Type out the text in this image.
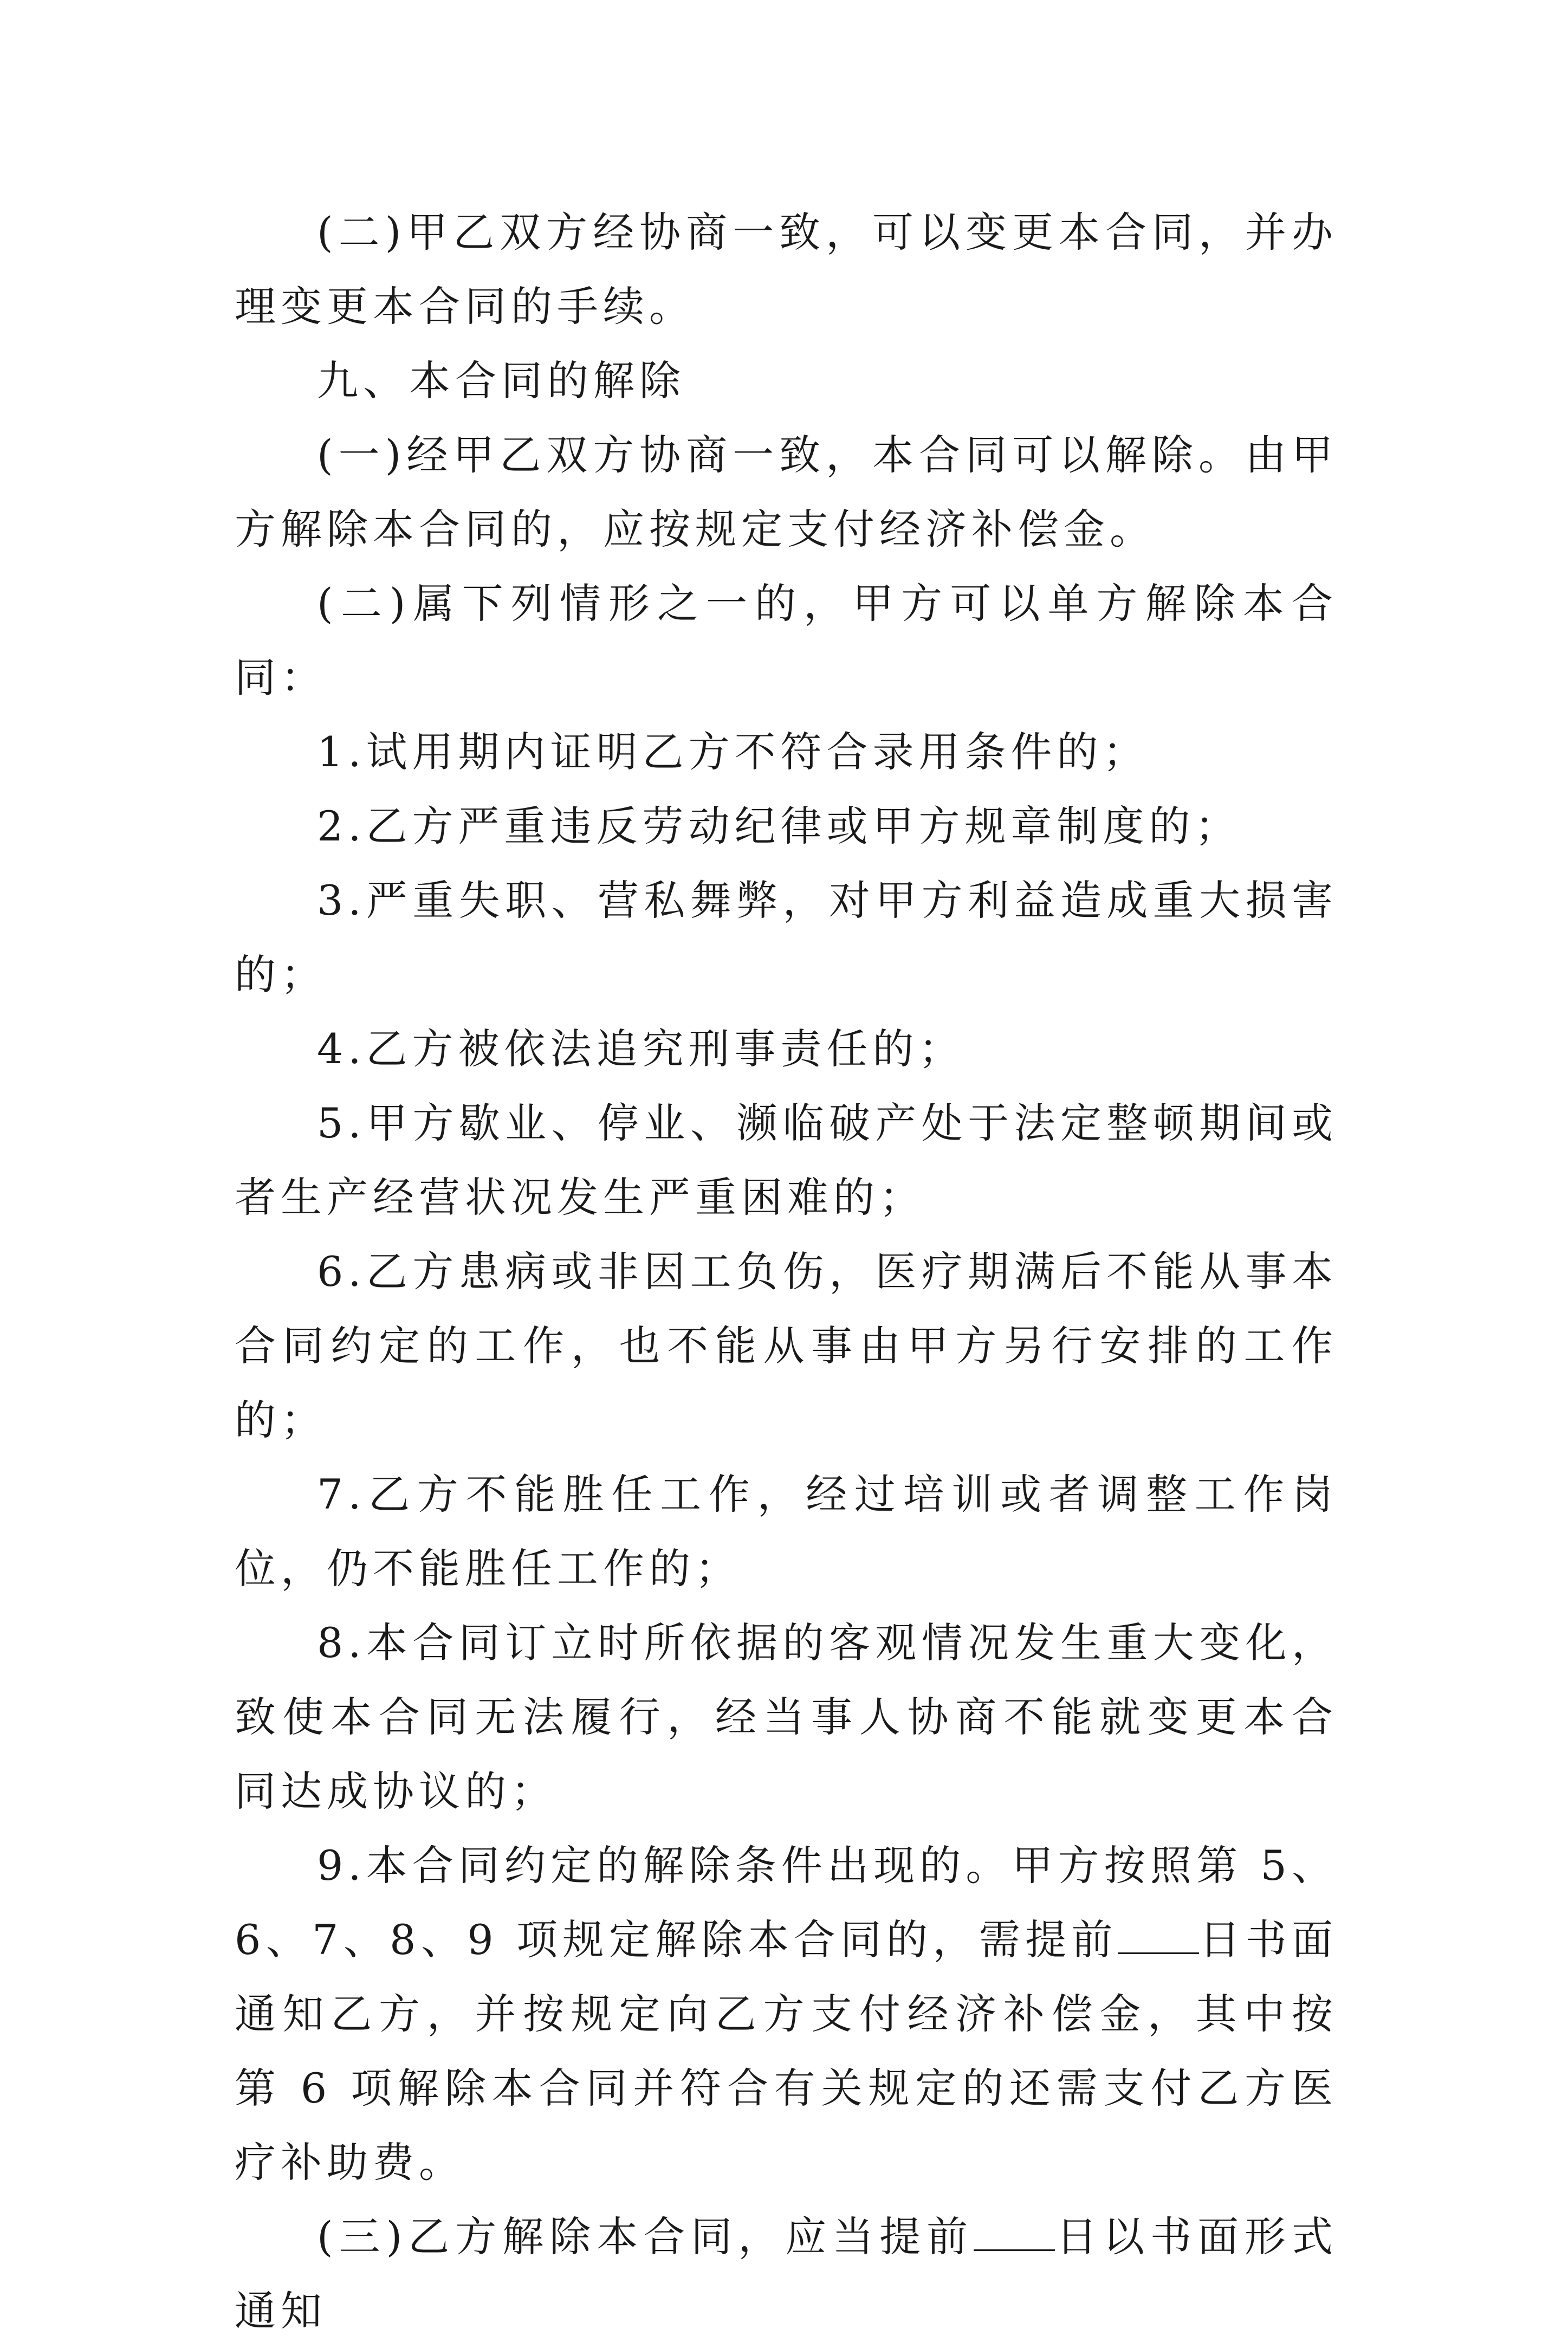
(二)甲乙双方经协商一致，可以变更本合同，并办理变更本合同的手续。

九、本合同的解除

(一)经甲乙双方协商一致，本合同可以解除。由甲方解除本合同的，应按规定支付经济补偿金。

(二)属下列情形之一的，甲方可以单方解除本合同：

1.试用期内证明乙方不符合录用条件的；

2.乙方严重违反劳动纪律或甲方规章制度的；

3.严重失职、营私舞弊，对甲方利益造成重大损害的；

4.乙方被依法追究刑事责任的；

5.甲方歇业、停业、濒临破产处于法定整顿期间或者生产经营状况发生严重困难的；

6.乙方患病或非因工负伤，医疗期满后不能从事本合同约定的工作，也不能从事由甲方另行安排的工作的；

7.乙方不能胜任工作，经过培训或者调整工作岗位，仍不能胜任工作的；

8.本合同订立时所依据的客观情况发生重大变化，致使本合同无法履行，经当事人协商不能就变更本合同达成协议的；

9.本合同约定的解除条件出现的。甲方按照第 5、6、7、8、9 项规定解除本合同的，需提前 日书面通知乙方，并按规定向乙方支付经济补偿金，其中按第 6 项解除本合同并符合有关规定的还需支付乙方医疗补助费。

(三)乙方解除本合同，应当提前 日以书面形式通知
